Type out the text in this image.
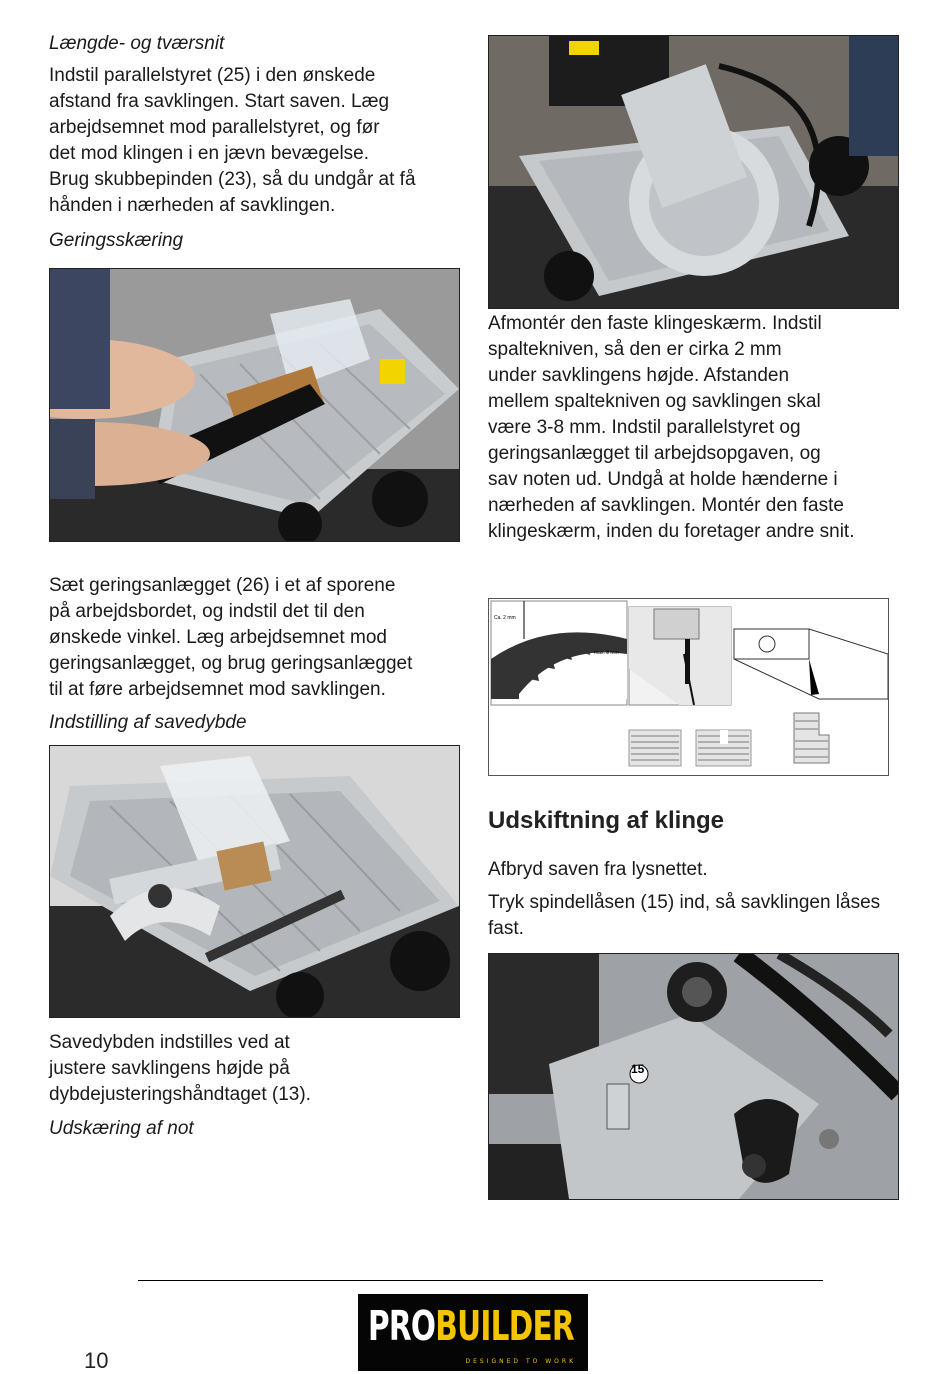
Længde- og tværsnit

Indstil parallelstyret (25) i den ønskede

afstand fra savklingen. Start saven. Læg

arbejdsemnet mod parallelstyret, og før

det mod klingen i en jævn bevægelse.

Brug skubbepinden (23), så du undgår at få

hånden i nærheden af savklingen.

Geringsskæring

Sæt geringsanlægget (26) i et af sporene

på arbejdsbordet, og indstil det til den

ønskede vinkel. Læg arbejdsemnet mod

geringsanlægget, og brug geringsanlægget

til at føre arbejdsemnet mod savklingen.

Indstilling af savedybde

Savedybden indstilles ved at

justere savklingens højde på

dybdejusteringshåndtaget (13).

Udskæring af not

Afmontér den faste klingeskærm. Indstil

spaltekniven, så den er cirka 2 mm

under savklingens højde. Afstanden

mellem spaltekniven og savklingen skal

være 3-8 mm. Indstil parallelstyret og

geringsanlægget til arbejdsopgaven, og

sav noten ud. Undgå at holde hænderne i

nærheden af savklingen. Montér den faste

klingeskærm, inden du foretager andre snit.

Ca. 2 mm
max. 8 mm

Udskiftning af klinge

Afbryd saven fra lysnettet.

Tryk spindellåsen (15) ind, så savklingen låses

fast.

15
10
PROBUILDER
DESIGNED TO WORK
